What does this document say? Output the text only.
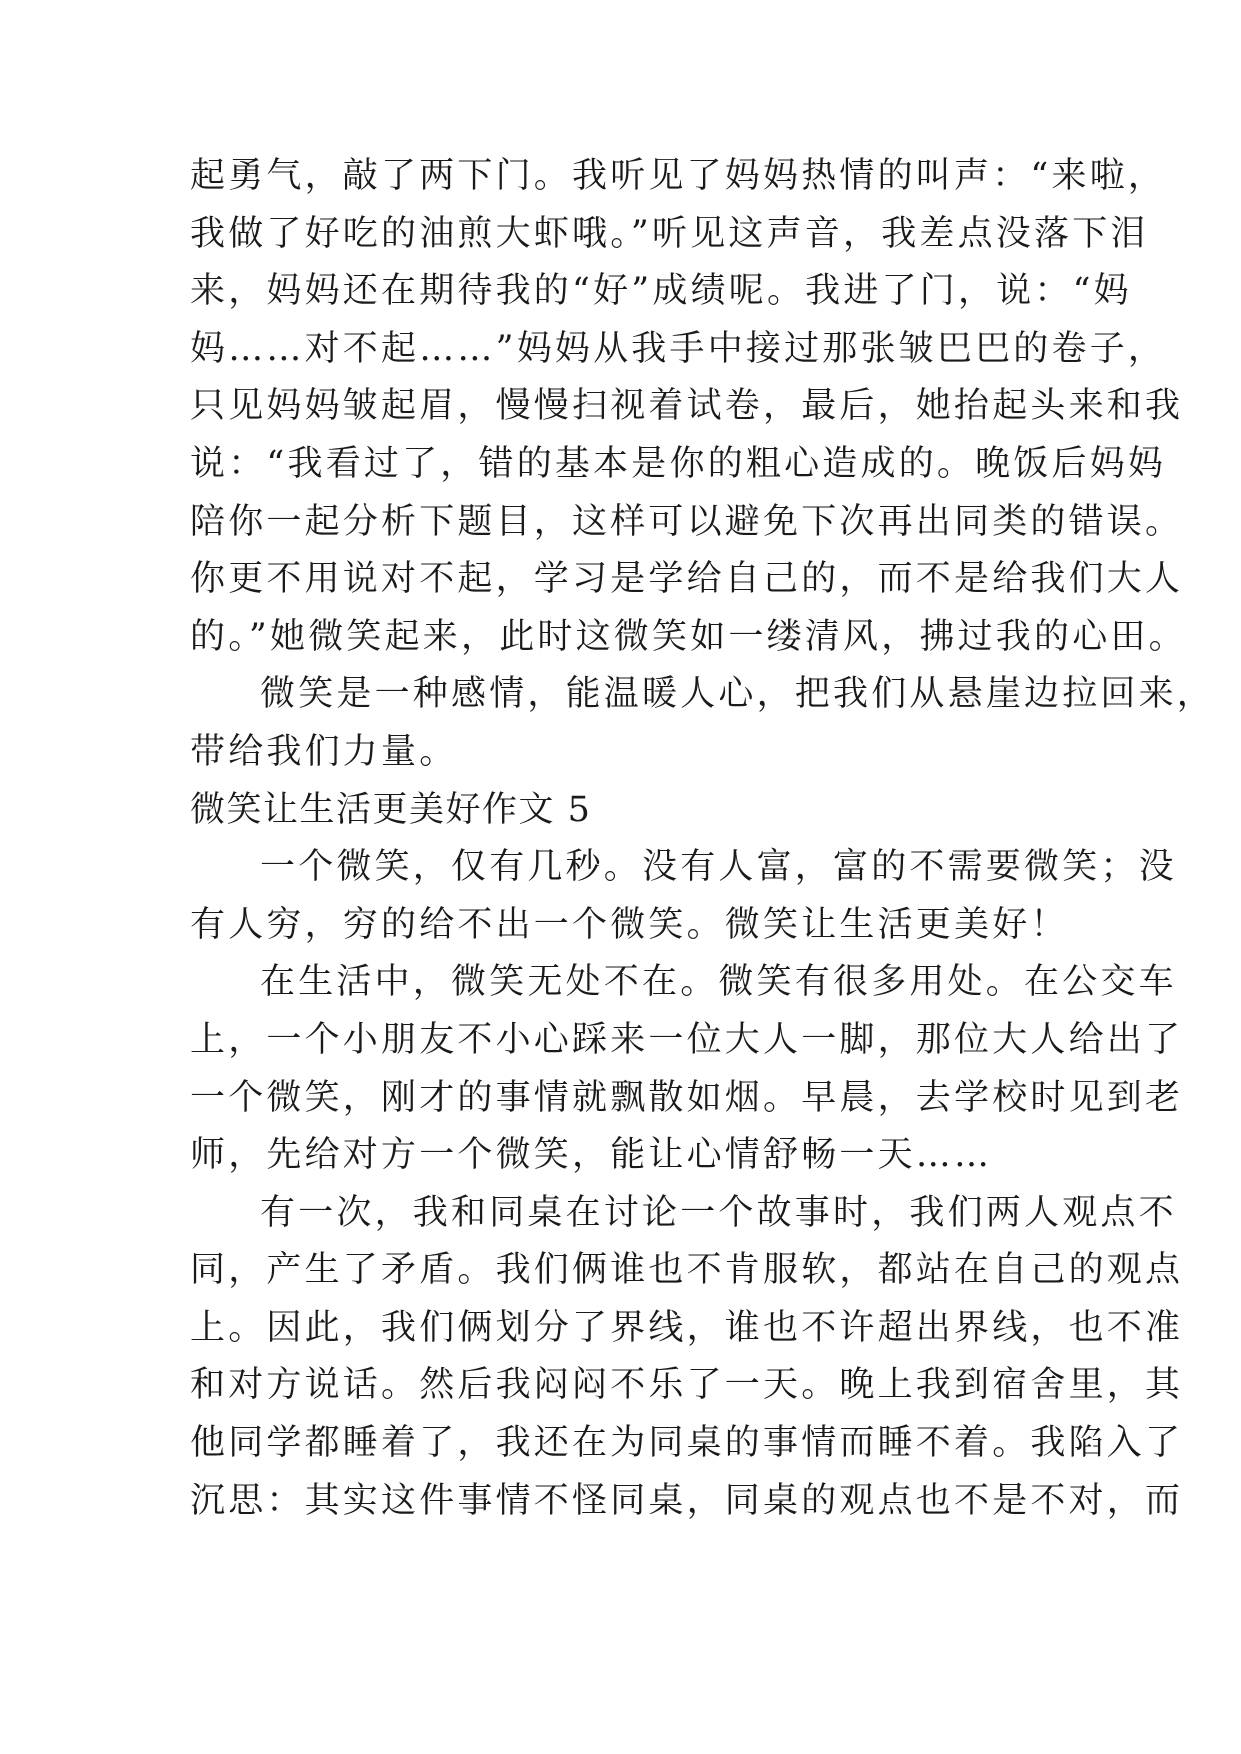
起勇气，敲了两下门。我听见了妈妈热情的叫声：“来啦，
我做了好吃的油煎大虾哦。”听见这声音，我差点没落下泪
来，妈妈还在期待我的“好”成绩呢。我进了门，说：“妈
妈……对不起……”妈妈从我手中接过那张皱巴巴的卷子，
只见妈妈皱起眉，慢慢扫视着试卷，最后，她抬起头来和我
说：“我看过了，错的基本是你的粗心造成的。晚饭后妈妈
陪你一起分析下题目，这样可以避免下次再出同类的错误。
你更不用说对不起，学习是学给自己的，而不是给我们大人
的。”她微笑起来，此时这微笑如一缕清风，拂过我的心田。
微笑是一种感情，能温暖人心，把我们从悬崖边拉回来，
带给我们力量。
微笑让生活更美好作文 5
一个微笑，仅有几秒。没有人富，富的不需要微笑；没
有人穷，穷的给不出一个微笑。微笑让生活更美好！
在生活中，微笑无处不在。微笑有很多用处。在公交车
上，一个小朋友不小心踩来一位大人一脚，那位大人给出了
一个微笑，刚才的事情就飘散如烟。早晨，去学校时见到老
师，先给对方一个微笑，能让心情舒畅一天……
有一次，我和同桌在讨论一个故事时，我们两人观点不
同，产生了矛盾。我们俩谁也不肯服软，都站在自己的观点
上。因此，我们俩划分了界线，谁也不许超出界线，也不准
和对方说话。然后我闷闷不乐了一天。晚上我到宿舍里，其
他同学都睡着了，我还在为同桌的事情而睡不着。我陷入了
沉思：其实这件事情不怪同桌，同桌的观点也不是不对，而
